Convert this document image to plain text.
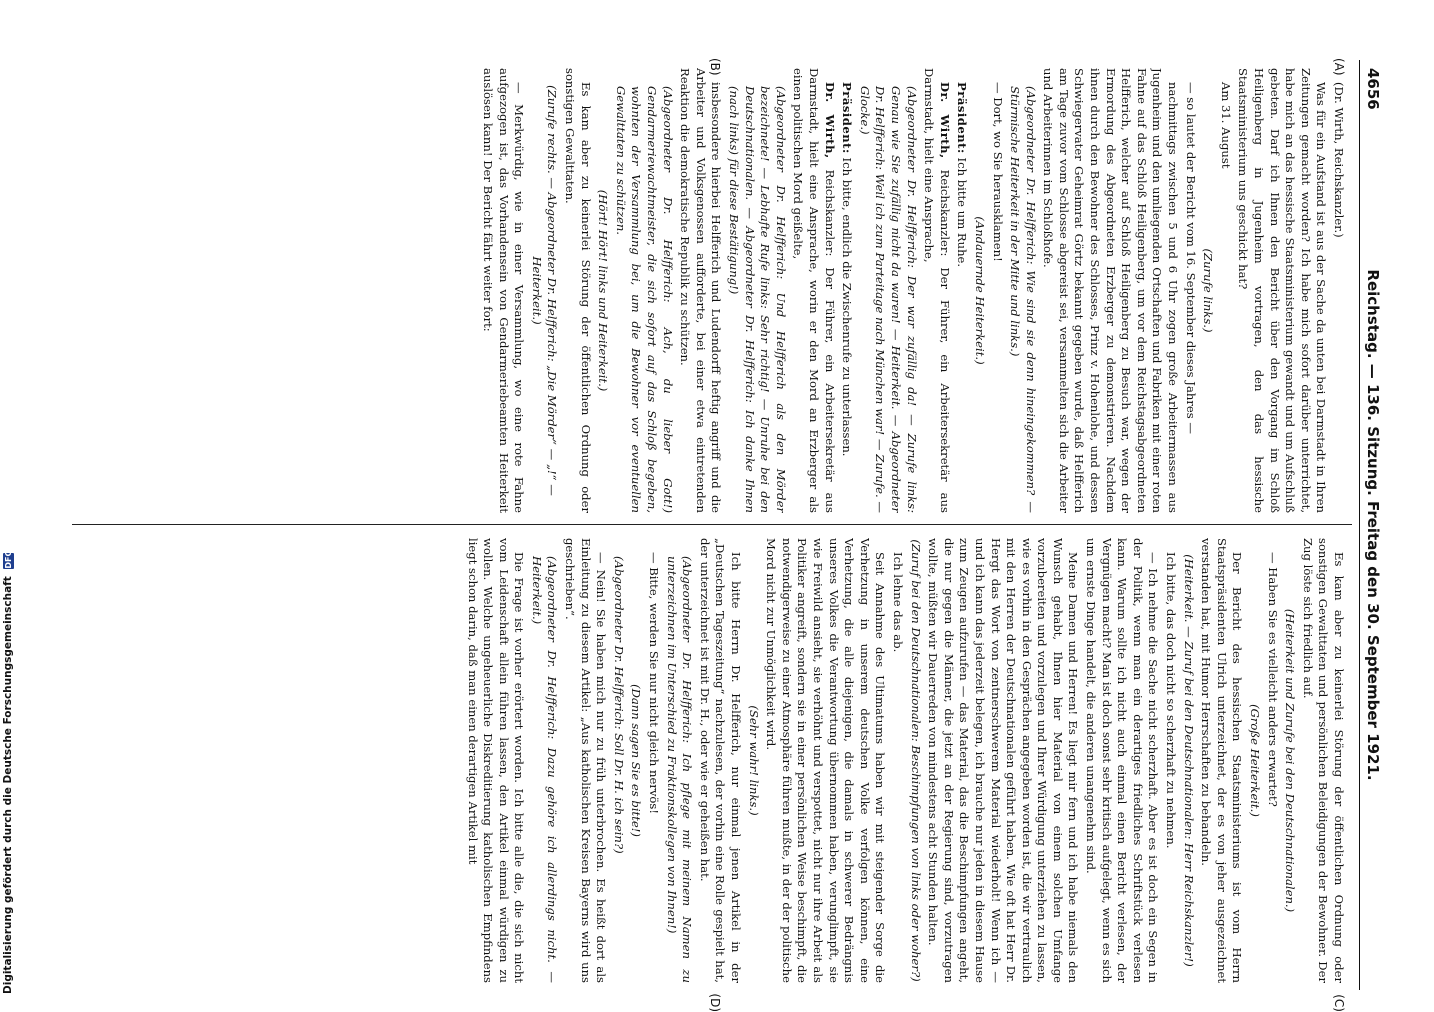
4656
Reichstag. — 136. Sitzung. Freitag den 30. September 1921.
(A)
(B)
(C)
(D)

(Dr. Wirth, Reichskanzler.)

Was für ein Aufstand ist aus der Sache da unten bei Darmstadt in Ihren Zeitungen gemacht worden? Ich habe mich sofort darüber unterrichtet, habe mich an das hessische Staatsministerium gewandt und um Aufschluß gebeten. Darf ich Ihnen den Bericht über den Vorgang im Schloß Heiligenberg in Jugenheim vortragen, den das hessische Staatsministerium uns geschickt hat?

Am 31. August

(Zurufe links.)

— so lautet der Bericht vom 16. September dieses Jahres —

nachmittags zwischen 5 und 6 Uhr zogen große Arbeitermassen aus Jugenheim und den umliegenden Ortschaften und Fabriken mit einer roten Fahne auf das Schloß Heiligenberg, um vor dem Reichstagsabgeordneten Helfferich, welcher auf Schloß Heiligenberg zu Besuch war, wegen der Ermordung des Abgeordneten Erzberger zu demonstrieren. Nachdem ihnen durch den Bewohner des Schlosses, Prinz v. Hohenlohe, und dessen Schwiegervater Geheimrat Görtz bekannt gegeben wurde, daß Helfferich am Tage zuvor vom Schlosse abgereist sei, versammelten sich die Arbeiter und Arbeiterinnen im Schloßhofe.

(Abgeordneter Dr. Helfferich: Wie sind sie denn hineingekommen? — Stürmische Heiterkeit in der Mitte und links.)

— Dort, wo Sie herausklamen!

(Andauernde Heiterkeit.)

Präsident: Ich bitte um Ruhe.

Dr. Wirth, Reichskanzler: Der Führer, ein Arbeitersekretär aus Darmstadt, hielt eine Ansprache,

(Abgeordneter Dr. Helfferich: Der war zufällig da! — Zurufe links: Genau wie Sie zufällig nicht da waren! — Heiterkeit. — Abgeordneter Dr. Helfferich: Weil ich zum Parteitage nach München war! — Zurufe. — Glocke.)

Präsident: Ich bitte, endlich die Zwischenrufe zu unterlassen.

Dr. Wirth, Reichskanzler: Der Führer, ein Arbeitersekretär aus Darmstadt, hielt eine Ansprache, worin er den Mord an Erzberger als einen politischen Mord geißelte,

(Abgeordneter Dr. Helfferich: Und Helfferich als den Mörder bezeichnete! — Lebhafte Rufe links: Sehr richtig! — Unruhe bei den Deutschnationalen. — Abgeordneter Dr. Helfferich: Ich danke Ihnen (nach links) für diese Bestätigung!)

insbesondere hierbei Helfferich und Ludendorff heftig angriff und die Arbeiter und Volksgenossen aufforderte, bei einer etwa eintretenden Reaktion die demokratische Republik zu schützen.

(Abgeordneter Dr. Helfferich: Ach, du lieber Gott!) Gendarmeriewachtmeister, die sich sofort auf das Schloß begeben, wohnten der Versammlung bei, um die Bewohner vor eventuellen Gewalttaten zu schützen.

(Hört! Hört! links und Heiterkeit.)

Es kam aber zu keinerlei Störung der öffentlichen Ordnung oder sonstigen Gewalttaten.

(Zurufe rechts. — Abgeordneter Dr. Helfferich: „Die Mörder“ — „!“ — Heiterkeit.)

— Merkwürdig, wie in einer Versammlung, wo eine rote Fahne aufgezogen ist, das Vorhandensein von Gendarmeriebeamten Heiterkeit auslösen kann! Der Bericht fährt weiter fort:

Es kam aber zu keinerlei Störung der öffentlichen Ordnung oder sonstigen Gewalttaten und persönlichen Beleidigungen der Bewohner. Der Zug löste sich friedlich auf.

(Heiterkeit und Zurufe bei den Deutschnationalen.)

— Haben Sie es vielleicht anders erwartet?

(Große Heiterkeit.)

Der Bericht des hessischen Staatsministeriums ist vom Herrn Staatspräsidenten Ulrich unterzeichnet, der es von jeher ausgezeichnet verstanden hat, mit Humor Herrschaften zu behandeln.

(Heiterkeit. — Zuruf bei den Deutschnationalen: Herr Reichskanzler!)

Ich bitte, das doch nicht so scherzhaft zu nehmen.

— Ich nehme die Sache nicht scherzhaft. Aber es ist doch ein Segen in der Politik, wenn man ein derartiges friedliches Schriftstück verlesen kann. Warum sollte ich nicht auch einmal einen Bericht verlesen, der Vergnügen macht? Man ist doch sonst sehr kritisch aufgelegt, wenn es sich um ernste Dinge handelt, die anderen unangenehm sind.

Meine Damen und Herren! Es liegt mir fern und ich habe niemals den Wunsch gehabt, Ihnen hier Material von einem solchen Umfange vorzubereiten und vorzulegen und Ihrer Würdigung unterziehen zu lassen, wie es vorhin in den Gesprächen angegeben worden ist, die wir vertraulich mit den Herren der Deutschnationalen geführt haben. Wie oft hat Herr Dr. Hergt das Wort von zentnerschwerem Material wiederholt! Wenn ich — und ich kann das jederzeit belegen, ich brauche nur jeden in diesem Hause zum Zeugen aufzurufen — das Material, das die Beschimpfungen angeht, die nur gegen die Männer, die jetzt an der Regierung sind, vorzutragen wollte, müßten wir Dauerreden von mindestens acht Stunden halten.

(Zuruf bei den Deutschnationalen: Beschimpfungen von links oder woher?)

Ich lehne das ab.

Seit Annahme des Ultimatums haben wir mit steigender Sorge die Verhetzung in unserem deutschen Volke verfolgen können, eine Verhetzung, die alle diejenigen, die damals in schwerer Bedrängnis unseres Volkes die Verantwortung übernommen haben, verunglimpft, sie wie Freiwild ansieht, sie verhöhnt und verspottet, nicht nur ihre Arbeit als Politiker angreift, sondern sie in einer persönlichen Weise beschimpft, die notwendigerweise zu einer Atmosphäre führen mußte, in der der politische Mord nicht zur Unmöglichkeit wird.

(Sehr wahr! links.)

Ich bitte Herrn Dr. Helfferich, nur einmal jenen Artikel in der „Deutschen Tageszeitung“ nachzulesen, der vorhin eine Rolle gespielt hat, der unterzeichnet ist mit Dr. H., oder wie er geheißen hat.

(Abgeordneter Dr. Helfferich: Ich pflege mit meinem Namen zu unterzeichnen im Unterschied zu Fraktionskollegen von Ihnen!)

— Bitte, werden Sie nur nicht gleich nervös!

(Dann sagen Sie es bitte!)

(Abgeordneter Dr. Helfferich: Soll Dr. H. ich sein?)

— Nein! Sie haben mich nur zu früh unterbrochen. Es heißt dort als Einleitung zu diesem Artikel: „Aus katholischen Kreisen Bayerns wird uns geschrieben“.

(Abgeordneter Dr. Helfferich: Dazu gehöre ich allerdings nicht. — Heiterkeit.)

Die Frage ist vorher erörtert worden. Ich bitte alle die, die sich nicht vom Leidenschaft allein führen lassen, den Artikel einmal würdigen zu wollen. Welche ungeheuerliche Diskreditierung katholischen Empfindens liegt schon darin, daß man einen derartigen Artikel mit

Digitalisierung gefördert durch die Deutsche Forschungsgemeinschaft DFG
